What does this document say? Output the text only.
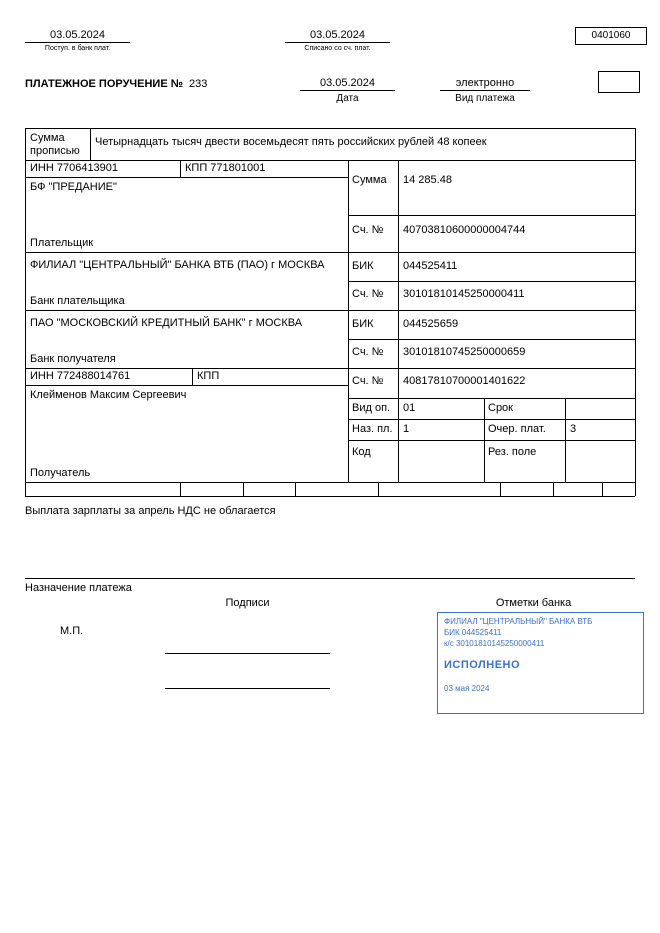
03.05.2024
Поступ. в банк плат.
03.05.2024
Списано со сч. плат.
0401060
ПЛАТЕЖНОЕ ПОРУЧЕНИЕ № 233	03.05.2024
Дата
электронно
Вид платежа
Сумма прописью
Четырнадцать тысяч двести восемьдесят пять российских рублей 48 копеек
ИНН 7706413901	КПП 771801001
БФ "ПРЕДАНИЕ"
Плательщик
Сумма 14 285.48
Сч. № 40703810600000004744
ФИЛИАЛ "ЦЕНТРАЛЬНЫЙ" БАНКА ВТБ (ПАО) г МОСКВА
Банк плательщика
БИК	044525411
Сч. № 30101810145250000411
ПАО "МОСКОВСКИЙ КРЕДИТНЫЙ БАНК" г МОСКВА
Банк получателя
БИК	044525659
Сч. № 30101810745250000659
ИНН 772488014761	КПП
Клейменов Максим Сергеевич
Получатель
Сч. № 40817810700001401622
Вид оп. 01	Срок
Наз. пл. 1	Очер. плат. 3
Код	Рез. поле
Выплата зарплаты за апрель НДС не облагается
Назначение платежа
Подписи	Отметки банка
М.П.
ФИЛИАЛ "ЦЕНТРАЛЬНЫЙ" БАНКА ВТБ
БИК 044525411
к/с 30101810145250000411
ИСПОЛНЕНО
03 мая 2024
